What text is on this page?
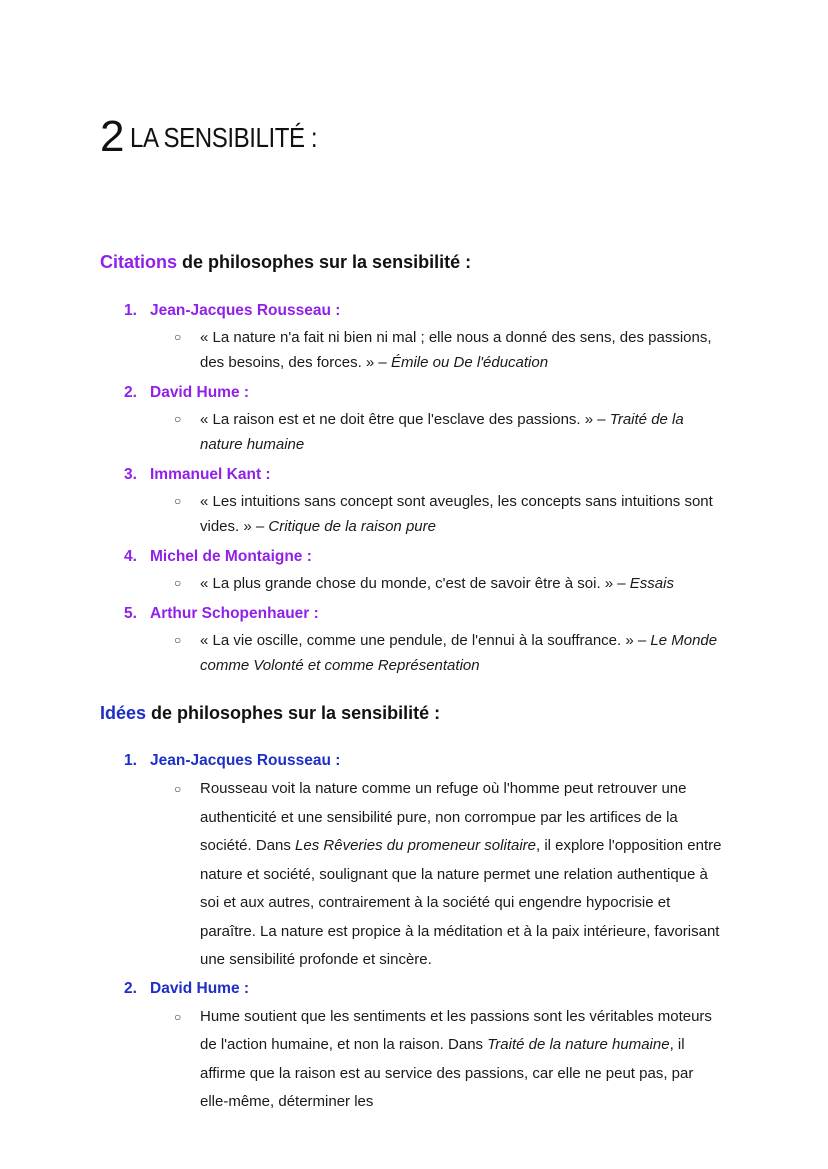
2 LA SENSIBILITÉ :
Citations de philosophes sur la sensibilité :
1. Jean-Jacques Rousseau :
○ « La nature n'a fait ni bien ni mal ; elle nous a donné des sens, des passions, des besoins, des forces. » – Émile ou De l'éducation
2. David Hume :
○ « La raison est et ne doit être que l'esclave des passions. » – Traité de la nature humaine
3. Immanuel Kant :
○ « Les intuitions sans concept sont aveugles, les concepts sans intuitions sont vides. » – Critique de la raison pure
4. Michel de Montaigne :
○ « La plus grande chose du monde, c'est de savoir être à soi. » – Essais
5. Arthur Schopenhauer :
○ « La vie oscille, comme une pendule, de l'ennui à la souffrance. » – Le Monde comme Volonté et comme Représentation
Idées de philosophes sur la sensibilité :
1. Jean-Jacques Rousseau :
○ Rousseau voit la nature comme un refuge où l'homme peut retrouver une authenticité et une sensibilité pure, non corrompue par les artifices de la société. Dans Les Rêveries du promeneur solitaire, il explore l'opposition entre nature et société, soulignant que la nature permet une relation authentique à soi et aux autres, contrairement à la société qui engendre hypocrisie et paraître. La nature est propice à la méditation et à la paix intérieure, favorisant une sensibilité profonde et sincère.
2. David Hume :
○ Hume soutient que les sentiments et les passions sont les véritables moteurs de l'action humaine, et non la raison. Dans Traité de la nature humaine, il affirme que la raison est au service des passions, car elle ne peut pas, par elle-même, déterminer les
